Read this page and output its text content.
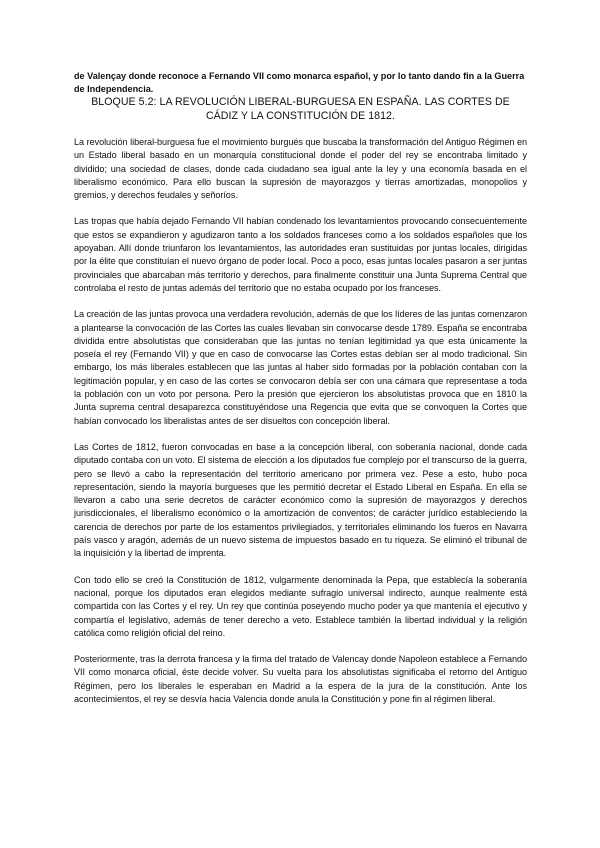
de Valençay donde reconoce a Fernando VII como monarca español, y por lo tanto dando fin a la Guerra de Independencia.

BLOQUE 5.2: LA REVOLUCIÓN LIBERAL-BURGUESA EN ESPAÑA. LAS CORTES DE CÁDIZ Y LA CONSTITUCIÓN DE 1812.

La revolución liberal-burguesa fue el movimiento burgués que buscaba la transformación del Antiguo Régimen en un Estado liberal basado en un monarquía constitucional donde el poder del rey se encontraba limitado y dividido; una sociedad de clases, donde cada ciudadano sea igual ante la ley y una economía basada en el liberalismo económico. Para ello buscan la supresión de mayorazgos y tierras amortizadas, monopolios y gremios, y derechos feudales y señoríos.

Las tropas que había dejado Fernando VII habían condenado los levantamientos provocando consecuentemente que estos se expandieron y agudizaron tanto a los soldados franceses como a los soldados españoles que los apoyaban. Allí donde triunfaron los levantamientos, las autoridades eran sustituidas por juntas locales, dirigidas por la élite que constituían el nuevo órgano de poder local. Poco a poco, esas juntas locales pasaron a ser juntas provinciales que abarcaban más territorio y derechos, para finalmente constituir una Junta Suprema Central que controlaba el resto de juntas además del territorio que no estaba ocupado por los franceses.

La creación de las juntas provoca una verdadera revolución, además de que los líderes de las juntas comenzaron a plantearse la convocación de las Cortes las cuales llevaban sin convocarse desde 1789. España se encontraba dividida entre absolutistas que consideraban que las juntas no tenían legitimidad ya que esta únicamente la poseía el rey (Fernando VII) y que en caso de convocarse las Cortes estas debían ser al modo tradicional. Sin embargo, los más liberales establecen que las juntas al haber sido formadas por la población contaban con la legitimación popular, y en caso de las cortes se convocaron debía ser con una cámara que representase a toda la población con un voto por persona. Pero la presión que ejercieron los absolutistas provoca que en 1810 la Junta suprema central desaparezca constituyéndose una Regencia que evita que se convoquen la Cortes que habían convocado los liberalistas antes de ser disueltos con concepción liberal.

Las Cortes de 1812, fueron convocadas en base a la concepción liberal, con soberanía nacional, donde cada diputado contaba con un voto. El sistema de elección a los diputados fue complejo por el transcurso de la guerra, pero se llevó a cabo la representación del territorio americano por primera vez. Pese a esto, hubo poca representación, siendo la mayoría burgueses que les permitió decretar el Estado Liberal en España. En ella se llevaron a cabo una serie decretos de carácter económico como la supresión de mayorazgos y derechos jurisdiccionales, el liberalismo económico o la amortización de conventos; de carácter jurídico estableciendo la carencia de derechos por parte de los estamentos privilegiados, y territoriales eliminando los fueros en Navarra país vasco y aragón, además de un nuevo sistema de impuestos basado en tu riqueza. Se eliminó el tribunal de la inquisición y la libertad de imprenta.

Con todo ello se creó la Constitución de 1812, vulgarmente denominada la Pepa, que establecía la soberanía nacional, porque los diputados eran elegidos mediante sufragio universal indirecto, aunque realmente está compartida con las Cortes y el rey. Un rey que continúa poseyendo mucho poder ya que mantenía el ejecutivo y compartía el legislativo, además de tener derecho a veto. Establece también la libertad individual y la religión católica como religión oficial del reino.

Posteriormente, tras la derrota francesa y la firma del tratado de Valencay donde Napoleon establece a Fernando VII como monarca oficial, éste decide volver. Su vuelta para los absolutistas significaba el retorno del Antiguo Régimen, pero los liberales le esperaban en Madrid a la espera de la jura de la constitución. Ante los acontecimientos, el rey se desvía hacia Valencia donde anula la Constitución y pone fin al régimen liberal.
